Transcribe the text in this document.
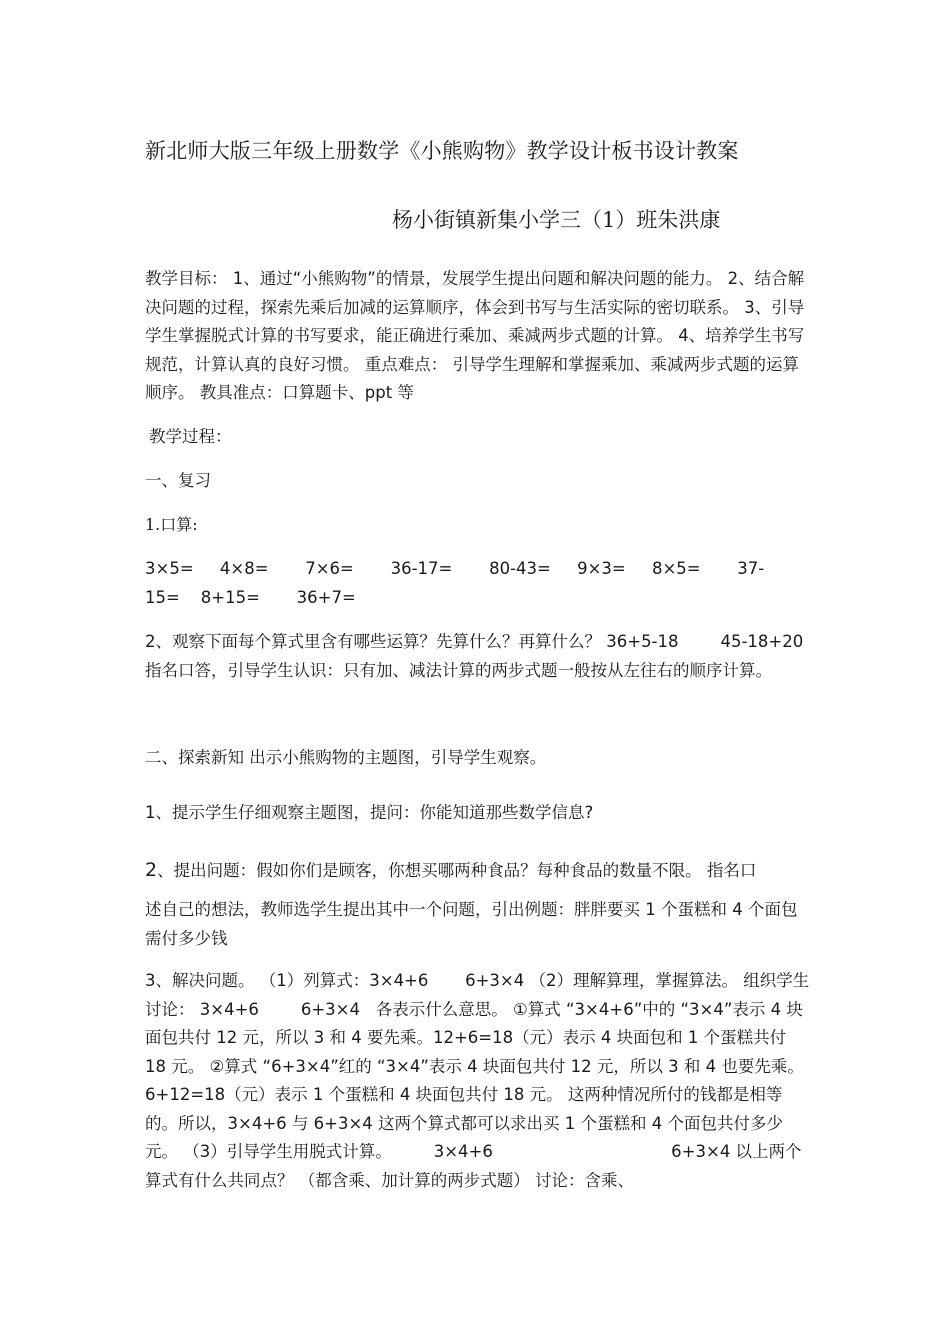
新北师大版三年级上册数学《小熊购物》教学设计板书设计教案

杨小街镇新集小学三（1）班朱洪康

教学目标： 1、通过“小熊购物”的情景，发展学生提出问题和解决问题的能力。 2、结合解决问题的过程，探索先乘后加减的运算顺序，体会到书写与生活实际的密切联系。 3、引导学生掌握脱式计算的书写要求，能正确进行乘加、乘减两步式题的计算。 4、培养学生书写规范，计算认真的良好习惯。 重点难点： 引导学生理解和掌握乘加、乘减两步式题的运算顺序。 教具准点：口算题卡、ppt 等

教学过程：

一、复习

1.口算:

3×5=     4×8=       7×6=       36-17=       80-43=     9×3=     8×5=       37-15=    8+15=       36+7=

2、观察下面每个算式里含有哪些运算？先算什么？再算什么？ 36+5-18        45-18+20 指名口答，引导学生认识：只有加、减法计算的两步式题一般按从左往右的顺序计算。

二、探索新知 出示小熊购物的主题图，引导学生观察。

1、提示学生仔细观察主题图，提问：你能知道那些数学信息?

2、提出问题：假如你们是顾客，你想买哪两种食品？每种食品的数量不限。 指名口

述自己的想法，教师选学生提出其中一个问题，引出例题：胖胖要买 1 个蛋糕和 4 个面包需付多少钱

3、解决问题。 （1）列算式：3×4+6       6+3×4 （2）理解算理，掌握算法。 组织学生讨论： 3×4+6        6+3×4   各表示什么意思。 ①算式 “3×4+6”中的 “3×4”表示 4 块面包共付 12 元，所以 3 和 4 要先乘。12+6=18（元）表示 4 块面包和 1 个蛋糕共付 18 元。 ②算式 “6+3×4”红的 “3×4”表示 4 块面包共付 12 元，所以 3 和 4 也要先乘。6+12=18（元）表示 1 个蛋糕和 4 块面包共付 18 元。 这两种情况所付的钱都是相等的。所以，3×4+6 与 6+3×4 这两个算式都可以求出买 1 个蛋糕和 4 个面包共付多少元。 （3）引导学生用脱式计算。        3×4+6                                  6+3×4 以上两个算式有什么共同点？ （都含乘、加计算的两步式题） 讨论：含乘、
